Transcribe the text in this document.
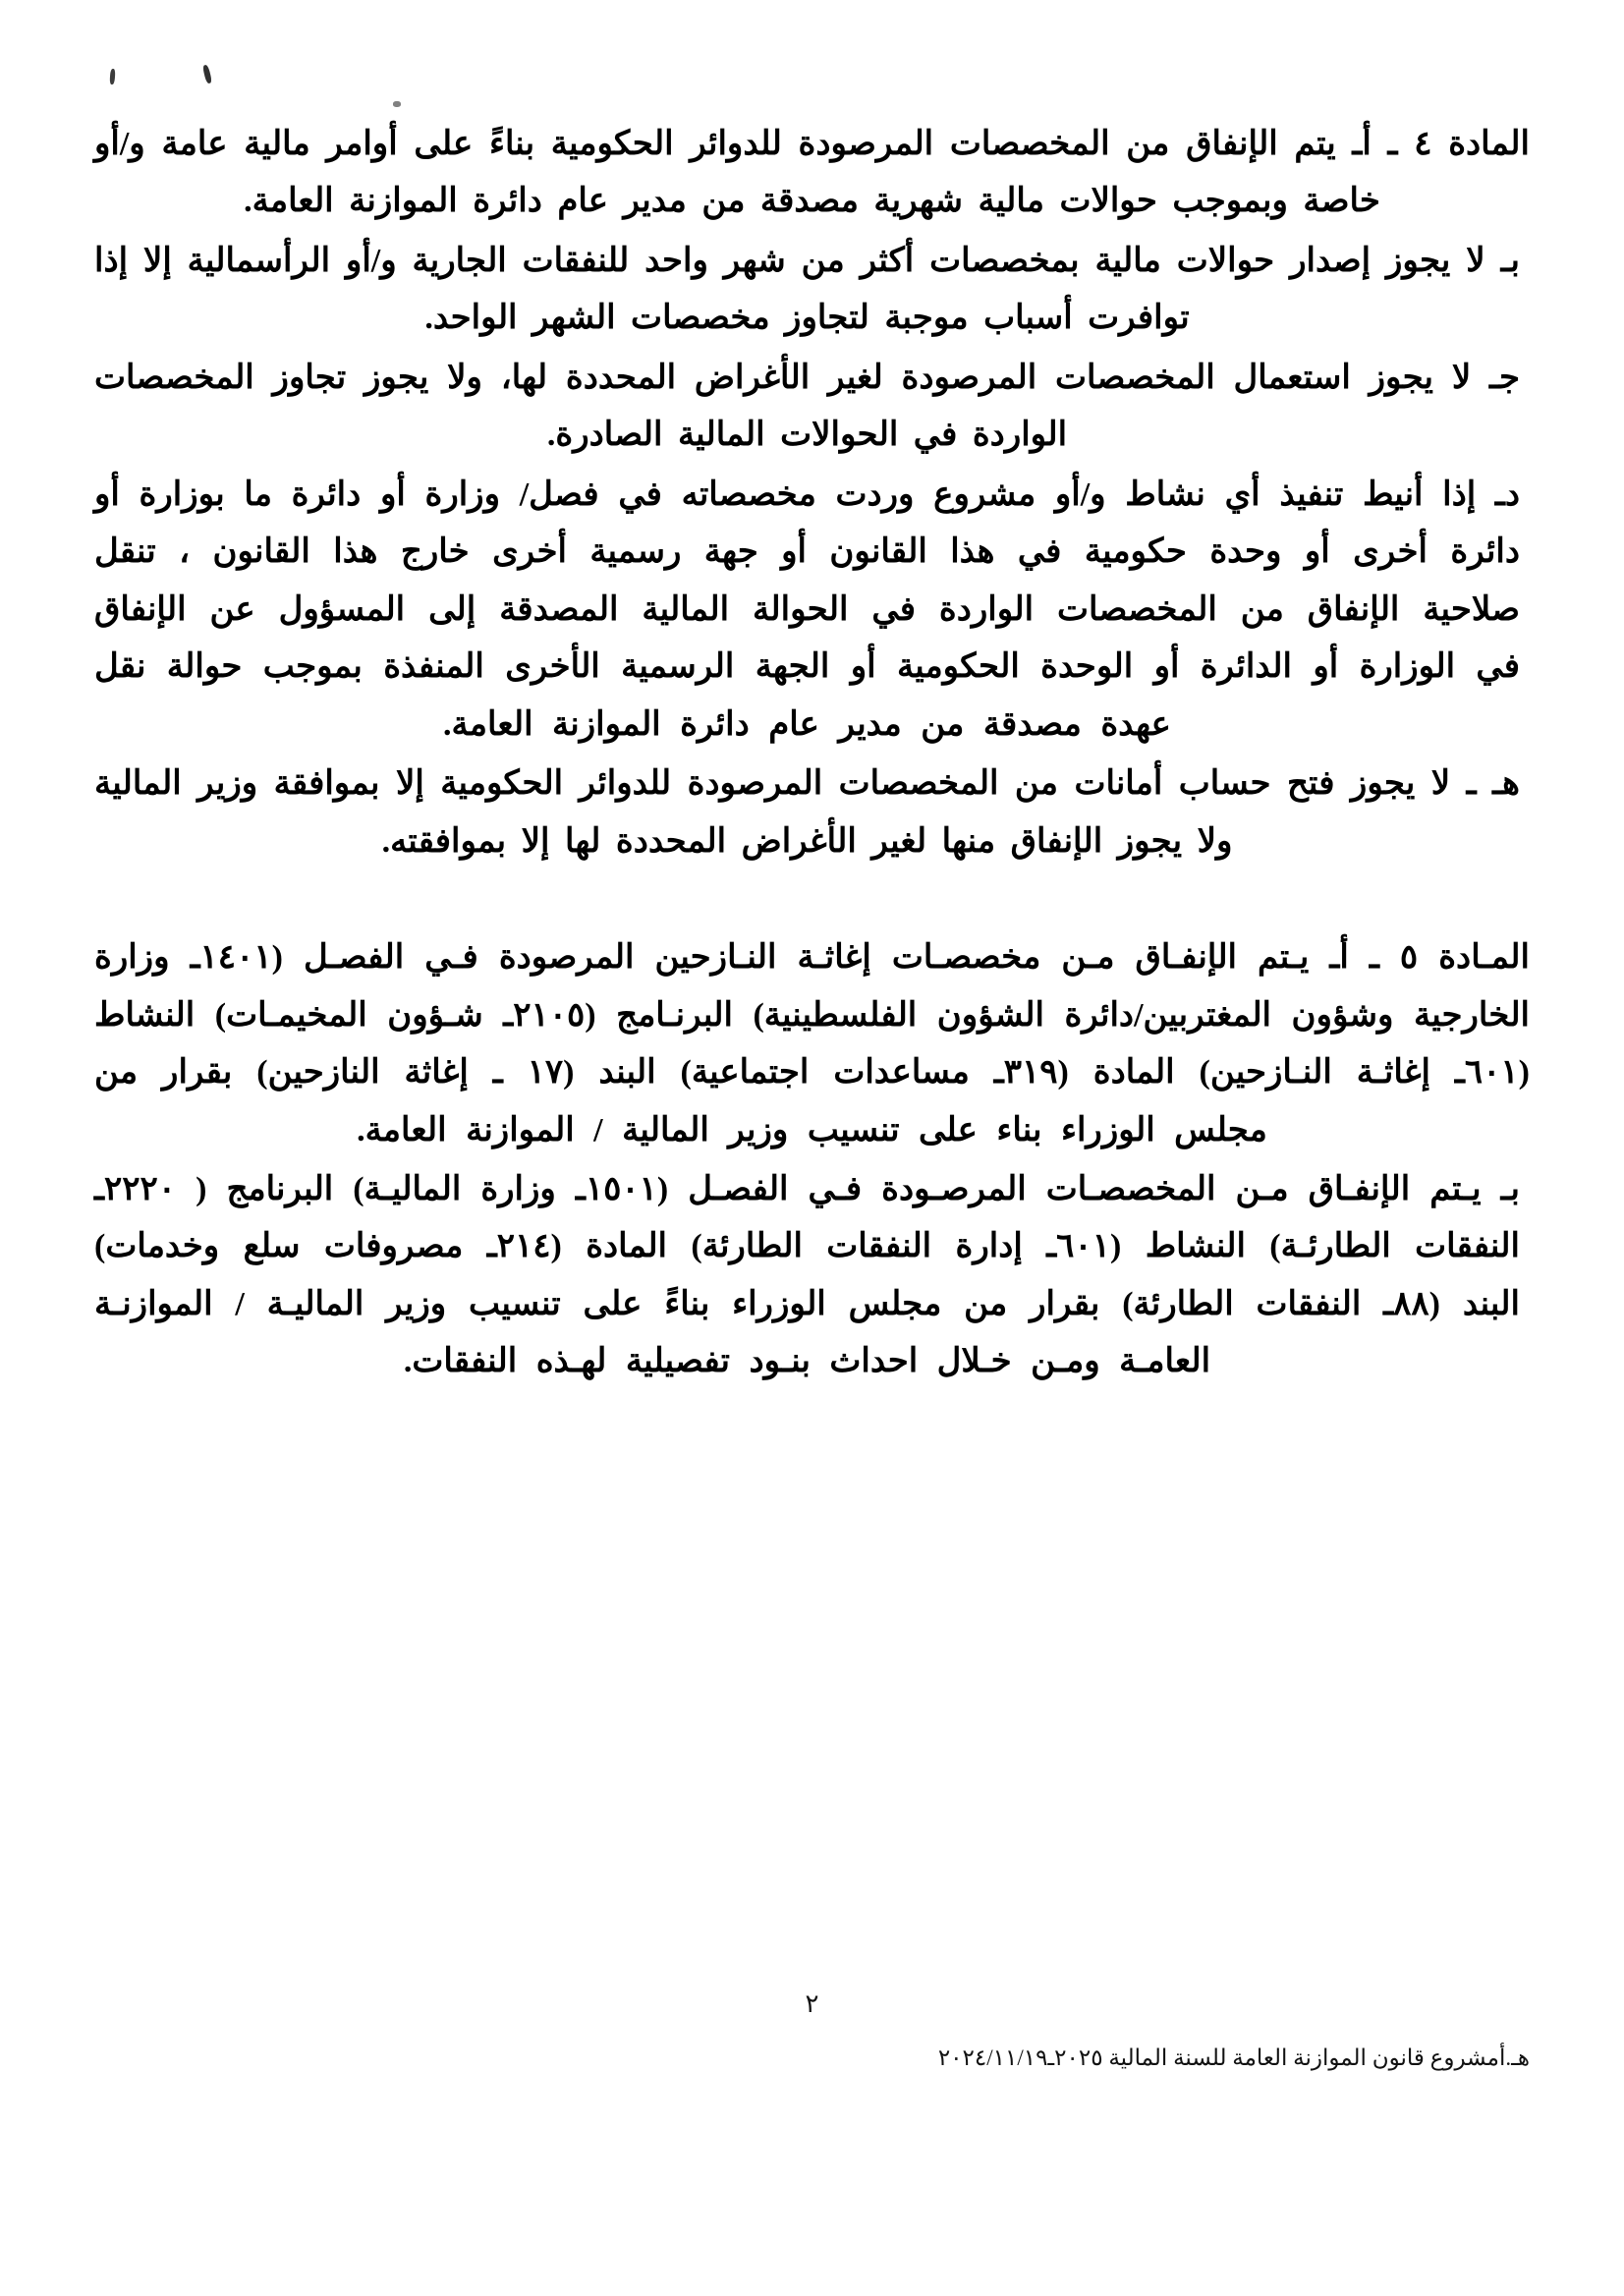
المادة ٤ ـ أـ يتم الإنفاق من المخصصات المرصودة للدوائر الحكومية بناءً على أوامر مالية عامة و/أو خاصة وبموجب حوالات مالية شهرية مصدقة من مدير عام دائرة الموازنة العامة.

بـ لا يجوز إصدار حوالات مالية بمخصصات أكثر من شهر واحد للنفقات الجارية و/أو الرأسمالية إلا إذا توافرت أسباب موجبة لتجاوز مخصصات الشهر الواحد.

جـ لا يجوز استعمال المخصصات المرصودة لغير الأغراض المحددة لها، ولا يجوز تجاوز المخصصات الواردة في الحوالات المالية الصادرة.

دـ إذا أنيط تنفيذ أي نشاط و/أو مشروع وردت مخصصاته في فصل/ وزارة أو دائرة ما بوزارة أو دائرة أخرى أو وحدة حكومية في هذا القانون أو جهة رسمية أخرى خارج هذا القانون ، تنقل صلاحية الإنفاق من المخصصات الواردة في الحوالة المالية المصدقة إلى المسؤول عن الإنفاق في الوزارة أو الدائرة أو الوحدة الحكومية أو الجهة الرسمية الأخرى المنفذة بموجب حوالة نقل عهدة مصدقة من مدير عام دائرة الموازنة العامة.

هـ ـ لا يجوز فتح حساب أمانات من المخصصات المرصودة للدوائر الحكومية إلا بموافقة وزير المالية ولا يجوز الإنفاق منها لغير الأغراض المحددة لها إلا بموافقته.

المـادة ٥ ـ أـ يـتم الإنفـاق مـن مخصصـات إغاثـة النـازحين المرصودة فـي الفصـل (١٤٠١ـ وزارة الخارجية وشؤون المغتربين/دائرة الشؤون الفلسطينية) البرنـامج (٢١٠٥ـ شـؤون المخيمـات) النشاط (٦٠١ـ إغاثـة النـازحين) المادة (٣١٩ـ مساعدات اجتماعية) البند (١٧ ـ إغاثة النازحين) بقرار من مجلس الوزراء بناء على تنسيب وزير المالية / الموازنة العامة.

بـ يـتم الإنفـاق مـن المخصصـات المرصـودة فـي الفصـل (١٥٠١ـ وزارة الماليـة) البرنامج ( ٢٢٢٠ـ النفقات الطارئـة) النشاط (٦٠١ـ إدارة النفقات الطارئة) المادة (٢١٤ـ مصروفات سلع وخدمات) البند (٨٨ـ النفقات الطارئة) بقرار من مجلس الوزراء بناءً على تنسيب وزير الماليـة / الموازنـة العامـة ومـن خـلال احداث بنـود تفصيلية لهـذه النفقات.

٢
هـ.أمشروع قانون الموازنة العامة للسنة المالية ٢٠٢٥ـ٢٠٢٤/١١/١٩
